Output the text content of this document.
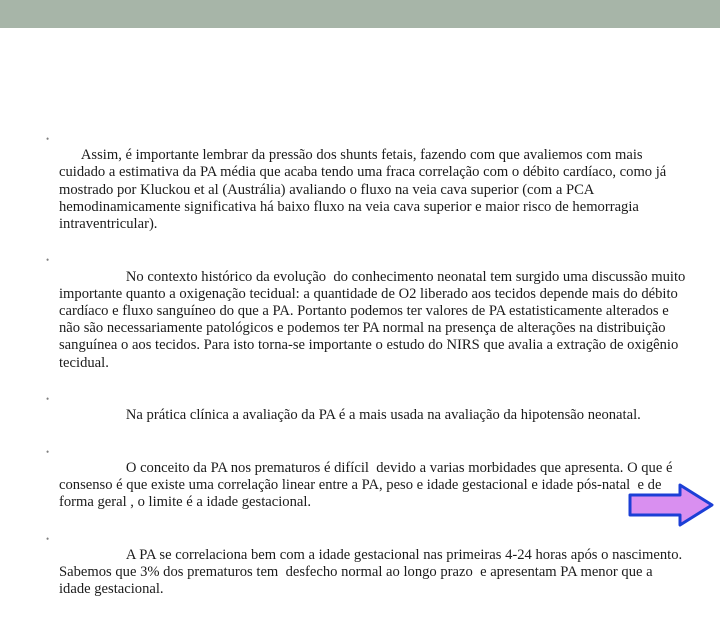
•
Assim, é importante lembrar da pressão dos shunts fetais, fazendo com que avaliemos com mais  cuidado a estimativa da PA média que acaba tendo uma fraca correlação com o débito cardíaco, como já mostrado por Kluckou et al (Austrália) avaliando o fluxo na veia cava superior (com a PCA hemodinamicamente significativa há baixo fluxo na veia cava superior e maior risco de hemorragia intraventricular).

•
No contexto histórico da evolução  do conhecimento neonatal tem surgido uma discussão muito importante quanto a oxigenação tecidual: a quantidade de O2 liberado aos tecidos depende mais do débito cardíaco e fluxo sanguíneo do que a PA. Portanto podemos ter valores de PA estatisticamente alterados e não são necessariamente patológicos e podemos ter PA normal na presença de alterações na distribuição sanguínea o aos tecidos. Para isto torna-se importante o estudo do NIRS que avalia a extração de oxigênio tecidual.

•
Na prática clínica a avaliação da PA é a mais usada na avaliação da hipotensão neonatal.

•
O conceito da PA nos prematuros é difícil  devido a varias morbidades que apresenta. O que é consenso é que existe uma correlação linear entre a PA, peso e idade gestacional e idade pós-natal  e de forma geral , o limite é a idade gestacional.

•
A PA se correlaciona bem com a idade gestacional nas primeiras 4-24 horas após o nascimento. Sabemos que 3% dos prematuros tem  desfecho normal ao longo prazo  e apresentam PA menor que a idade gestacional.
